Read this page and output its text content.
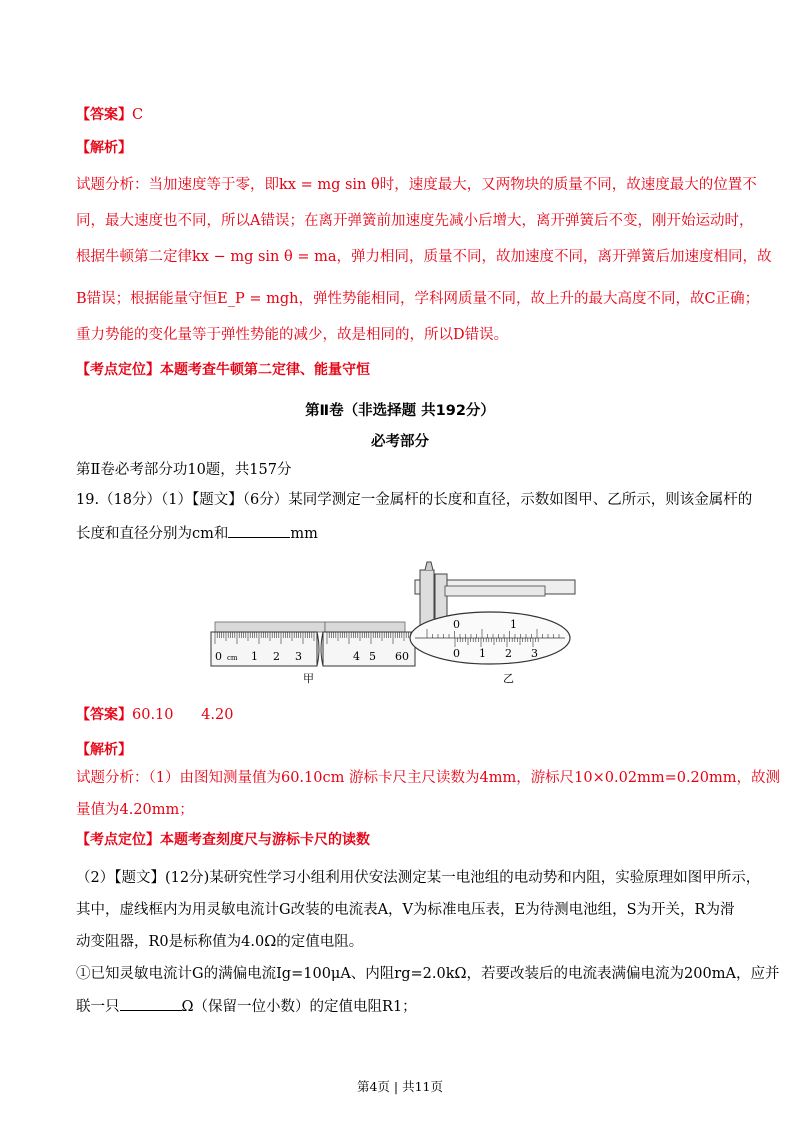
【答案】C
【解析】
试题分析：当加速度等于零，即kx = mg sin θ时，速度最大，又两物块的质量不同，故速度最大的位置不
同，最大速度也不同，所以A错误；在离开弹簧前加速度先减小后增大，离开弹簧后不变，刚开始运动时，
根据牛顿第二定律kx − mg sin θ = ma，弹力相同，质量不同，故加速度不同，离开弹簧后加速度相同，故
B错误；根据能量守恒E_P = mgh，弹性势能相同，学科网质量不同，故上升的最大高度不同，故C正确；
重力势能的变化量等于弹性势能的减少，故是相同的，所以D错误。
【考点定位】本题考查牛顿第二定律、能量守恒
第Ⅱ卷（非选择题 共192分）
必考部分
第Ⅱ卷必考部分功10题，共157分
19.（18分）（1）【题文】（6分）某同学测定一金属杆的长度和直径，示数如图甲、乙所示，则该金属杆的
长度和直径分别为cm和	mm
0 cm 1 2 3	4 5 60
甲
0	1
0 1 2 3
乙
【答案】60.10      4.20
【解析】
试题分析：（1）由图知测量值为60.10cm 游标卡尺主尺读数为4mm，游标尺10×0.02mm=0.20mm，故测
量值为4.20mm；
【考点定位】本题考查刻度尺与游标卡尺的读数
（2）【题文】(12分)某研究性学习小组利用伏安法测定某一电池组的电动势和内阻，实验原理如图甲所示，
其中，虚线框内为用灵敏电流计G改装的电流表A，V为标准电压表，E为待测电池组，S为开关，R为滑
动变阻器，R0是标称值为4.0Ω的定值电阻。
①已知灵敏电流计G的满偏电流Ig=100μA、内阻rg=2.0kΩ，若要改装后的电流表满偏电流为200mA，应并
联一只	Ω（保留一位小数）的定值电阻R1；
第4页 | 共11页
